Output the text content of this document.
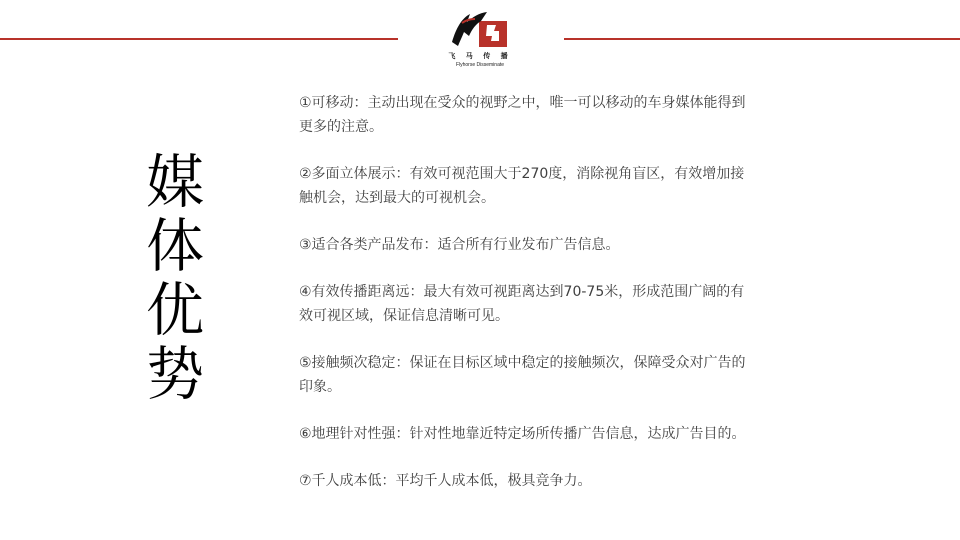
飞 马 传 播
Flyhorse Disseminate
媒
体
优
势
①可移动：主动出现在受众的视野之中，唯一可以移动的车身媒体能得到
更多的注意。
②多面立体展示：有效可视范围大于270度，消除视角盲区，有效增加接
触机会，达到最大的可视机会。
③适合各类产品发布：适合所有行业发布广告信息。
④有效传播距离远：最大有效可视距离达到70-75米，形成范围广阔的有
效可视区域，保证信息清晰可见。
⑤接触频次稳定：保证在目标区域中稳定的接触频次，保障受众对广告的
印象。
⑥地理针对性强：针对性地靠近特定场所传播广告信息，达成广告目的。
⑦千人成本低：平均千人成本低，极具竞争力。
